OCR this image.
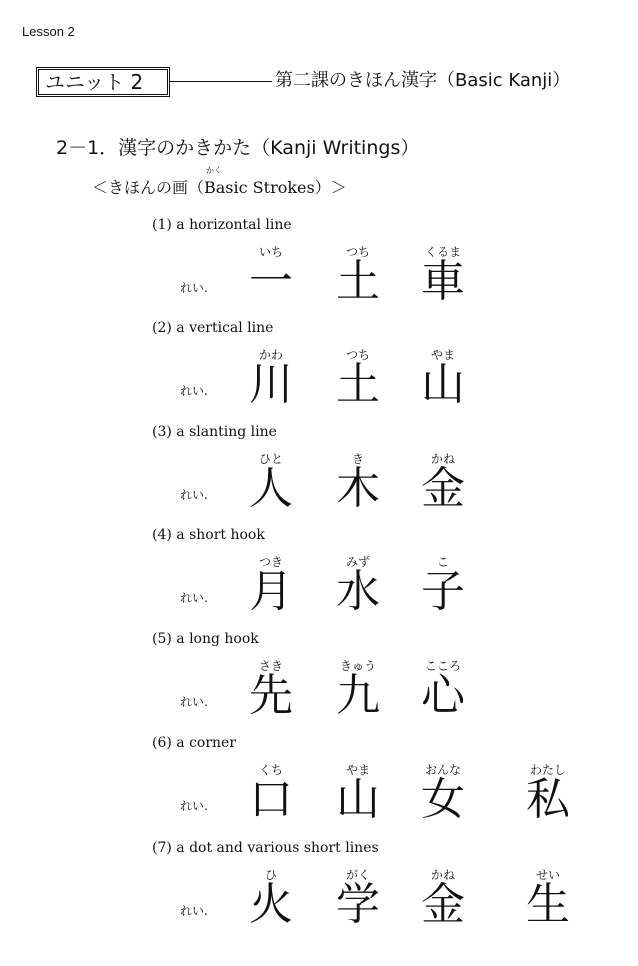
Lesson 2
ユニット 2	第二課のきほん漢字（Basic Kanji）
2－1．漢字のかきかた（Kanji Writings）
かく
＜きほんの画（Basic Strokes）＞
(1) a horizontal line
れい.
いち
一
つち
土
くるま
車
(2) a vertical line
れい.
かわ
川
つち
土
やま
山
(3) a slanting line
れい.
ひと
人
き
木
かね
金
(4) a short hook
れい.
つき
月
みず
水
こ
子
(5) a long hook
れい.
さき
先
きゅう
九
こころ
心
(6) a corner
れい.
くち
口
やま
山
おんな
女
わたし
私
(7) a dot and various short lines
れい.
ひ
火
がく
学
かね
金
せい
生
